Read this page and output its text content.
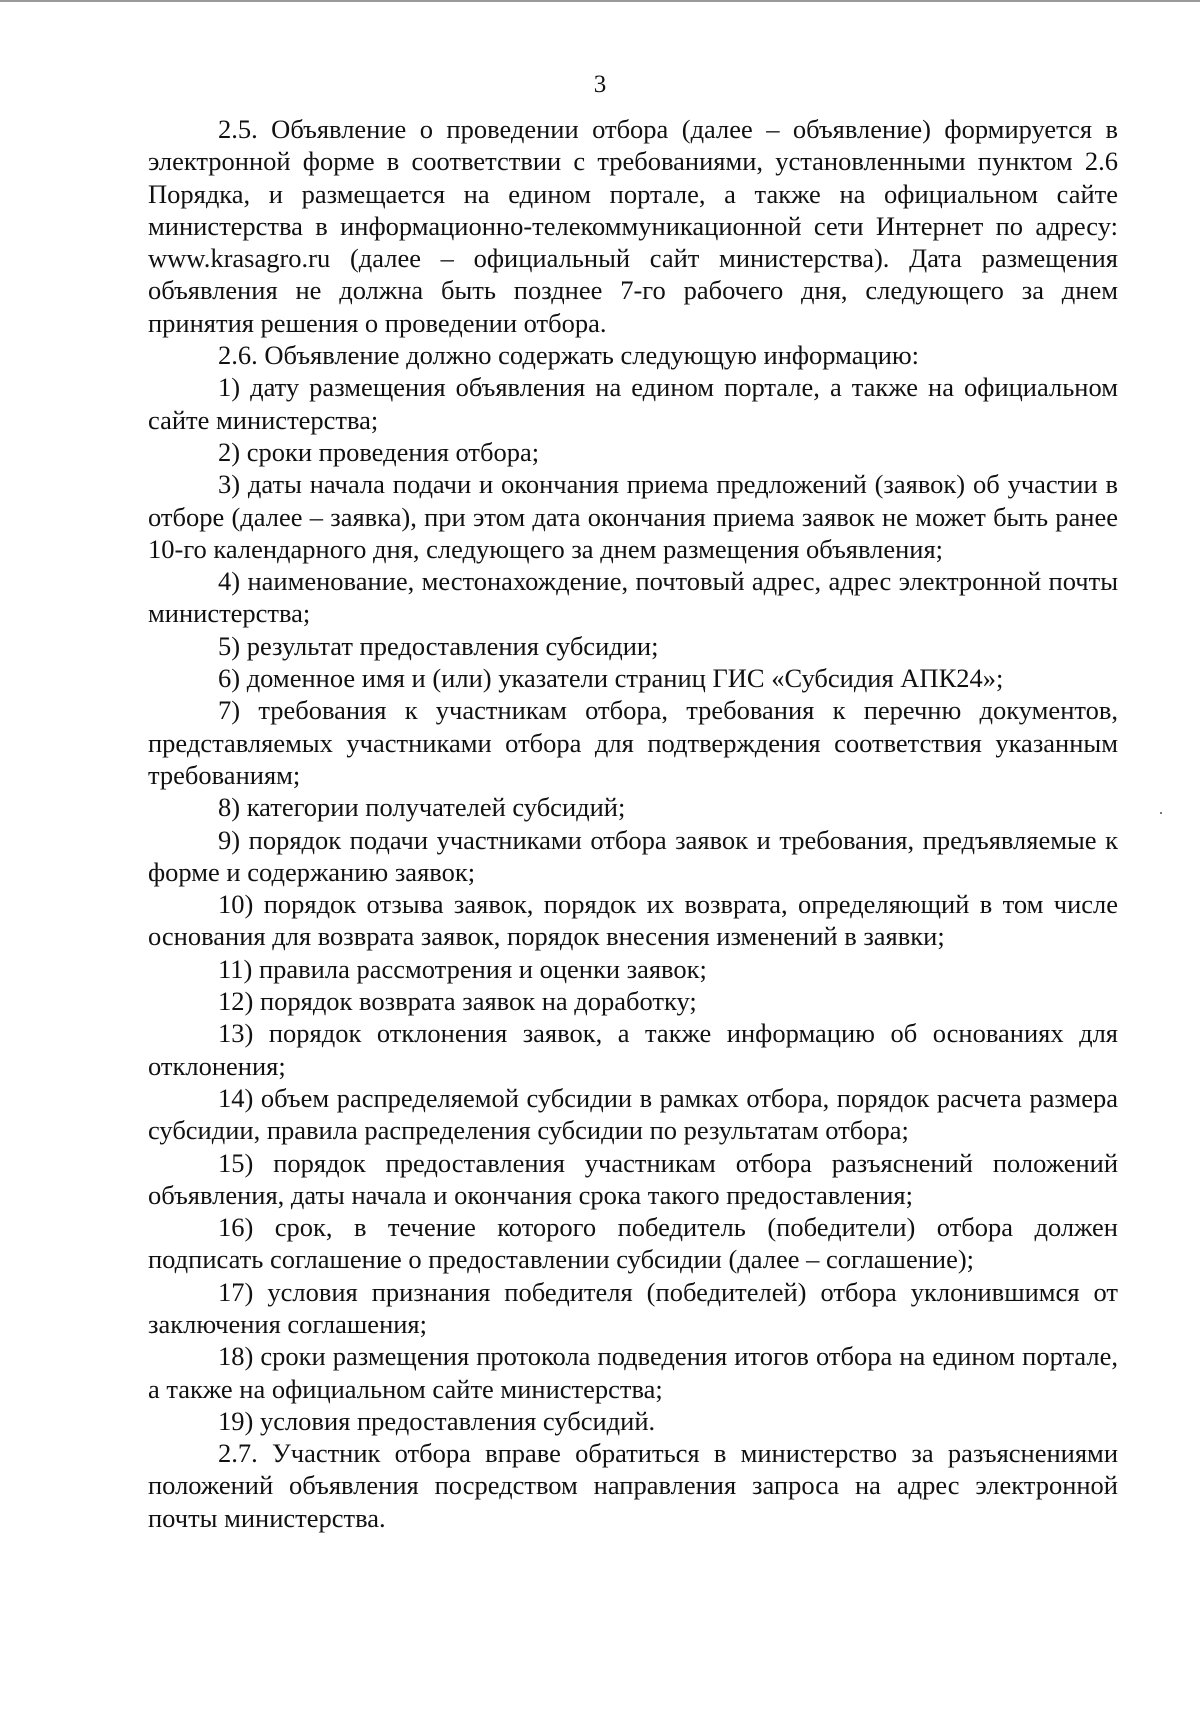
3

2.5. Объявление о проведении отбора (далее – объявление) формируется в электронной форме в соответствии с требованиями, установленными пунктом 2.6 Порядка, и размещается на едином портале, а также на официальном сайте министерства в информационно-телекоммуникационной сети Интернет по адресу: www.krasagro.ru (далее – официальный сайт министерства). Дата размещения объявления не должна быть позднее 7-го рабочего дня, следующего за днем принятия решения о проведении отбора.

2.6. Объявление должно содержать следующую информацию:

1) дату размещения объявления на едином портале, а также на официальном сайте министерства;

2) сроки проведения отбора;

3) даты начала подачи и окончания приема предложений (заявок) об участии в отборе (далее – заявка), при этом дата окончания приема заявок не может быть ранее 10-го календарного дня, следующего за днем размещения объявления;

4) наименование, местонахождение, почтовый адрес, адрес электронной почты министерства;

5) результат предоставления субсидии;

6) доменное имя и (или) указатели страниц ГИС «Субсидия АПК24»;

7) требования к участникам отбора, требования к перечню документов, представляемых участниками отбора для подтверждения соответствия указанным требованиям;

8) категории получателей субсидий;

9) порядок подачи участниками отбора заявок и требования, предъявляемые к форме и содержанию заявок;

10) порядок отзыва заявок, порядок их возврата, определяющий в том числе основания для возврата заявок, порядок внесения изменений в заявки;

11) правила рассмотрения и оценки заявок;

12) порядок возврата заявок на доработку;

13) порядок отклонения заявок, а также информацию об основаниях для отклонения;

14) объем распределяемой субсидии в рамках отбора, порядок расчета размера субсидии, правила распределения субсидии по результатам отбора;

15) порядок предоставления участникам отбора разъяснений положений объявления, даты начала и окончания срока такого предоставления;

16) срок, в течение которого победитель (победители) отбора должен подписать соглашение о предоставлении субсидии (далее – соглашение);

17) условия признания победителя (победителей) отбора уклонившимся от заключения соглашения;

18) сроки размещения протокола подведения итогов отбора на едином портале, а также на официальном сайте министерства;

19) условия предоставления субсидий.

2.7. Участник отбора вправе обратиться в министерство за разъяснениями положений объявления посредством направления запроса на адрес электронной почты министерства.
